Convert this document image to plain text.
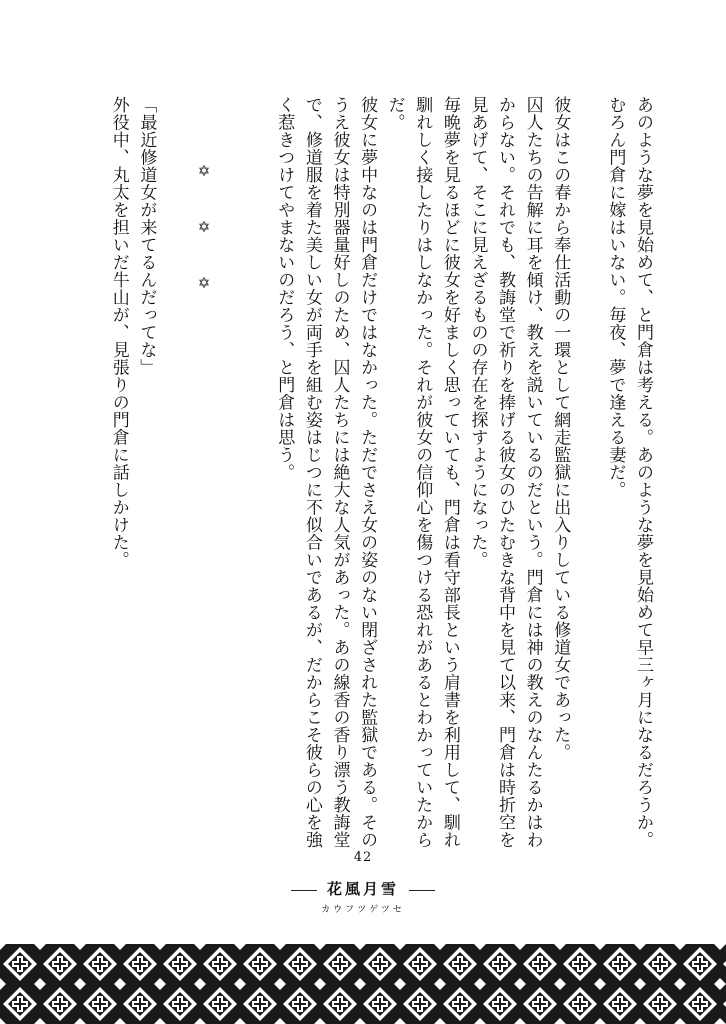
あのような夢を見始めて、と門倉は考える。あのような夢を見始めて早三ヶ月になるだろうか。むろん門倉に嫁はいない。毎夜、夢で逢える妻だ。

彼女はこの春から奉仕活動の一環として網走監獄に出入りしている修道女であった。

囚人たちの告解に耳を傾け、教えを説いているのだという。門倉には神の教えのなんたるかはわからない。それでも、教誨堂で祈りを捧げる彼女のひたむきな背中を見て以来、門倉は時折空を見あげて、そこに見えざるものの存在を探すようになった。

毎晩夢を見るほどに彼女を好ましく思っていても、門倉は看守部長という肩書を利用して、馴れ馴れしく接したりはしなかった。それが彼女の信仰心を傷つける恐れがあるとわかっていたからだ。

彼女に夢中なのは門倉だけではなかった。ただでさえ女の姿のない閉ざされた監獄である。そのうえ彼女は特別器量好しのため、囚人たちには絶大な人気があった。あの線香の香り漂う教誨堂で、修道服を着た美しい女が両手を組む姿はじつに不似合いであるが、だからこそ彼らの心を強く惹きつけてやまないのだろう、と門倉は思う。

「最近修道女が来てるんだってな」

外役中、丸太を担いだ牛山が、見張りの門倉に話しかけた。	✡
✡
✡
42
花風月雪
カウフツゲツセ
